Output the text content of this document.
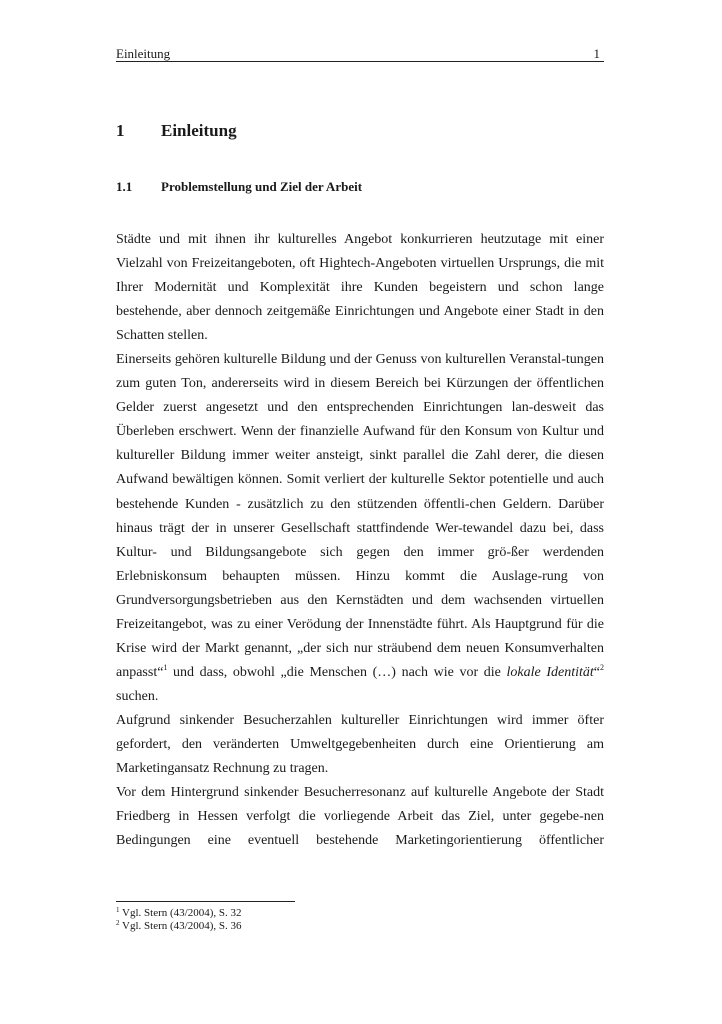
Einleitung	1
1 Einleitung
1.1 Problemstellung und Ziel der Arbeit

Städte und mit ihnen ihr kulturelles Angebot konkurrieren heutzutage mit einer Vielzahl von Freizeitangeboten, oft Hightech-Angeboten virtuellen Ursprungs, die mit Ihrer Modernität und Komplexität ihre Kunden begeistern und schon lange bestehende, aber dennoch zeitgemäße Einrichtungen und Angebote einer Stadt in den Schatten stellen.

Einerseits gehören kulturelle Bildung und der Genuss von kulturellen Veranstal-tungen zum guten Ton, andererseits wird in diesem Bereich bei Kürzungen der öffentlichen Gelder zuerst angesetzt und den entsprechenden Einrichtungen lan-desweit das Überleben erschwert. Wenn der finanzielle Aufwand für den Konsum von Kultur und kultureller Bildung immer weiter ansteigt, sinkt parallel die Zahl derer, die diesen Aufwand bewältigen können. Somit verliert der kulturelle Sektor potentielle und auch bestehende Kunden - zusätzlich zu den stützenden öffentli-chen Geldern. Darüber hinaus trägt der in unserer Gesellschaft stattfindende Wer-tewandel dazu bei, dass Kultur- und Bildungsangebote sich gegen den immer grö-ßer werdenden Erlebniskonsum behaupten müssen. Hinzu kommt die Auslage-rung von Grundversorgungsbetrieben aus den Kernstädten und dem wachsenden virtuellen Freizeitangebot, was zu einer Verödung der Innenstädte führt. Als Hauptgrund für die Krise wird der Markt genannt, „der sich nur sträubend dem neuen Konsumverhalten anpasst“$^1$ und dass, obwohl „die Menschen (…) nach wie vor die lokale Identität“$^2$ suchen.

Aufgrund sinkender Besucherzahlen kultureller Einrichtungen wird immer öfter gefordert, den veränderten Umweltgegebenheiten durch eine Orientierung am Marketingansatz Rechnung zu tragen.

Vor dem Hintergrund sinkender Besucherresonanz auf kulturelle Angebote der Stadt Friedberg in Hessen verfolgt die vorliegende Arbeit das Ziel, unter gegebe-nen Bedingungen eine eventuell bestehende Marketingorientierung öffentlicher

$^1$ Vgl. Stern (43/2004), S. 32
$^2$ Vgl. Stern (43/2004), S. 36
